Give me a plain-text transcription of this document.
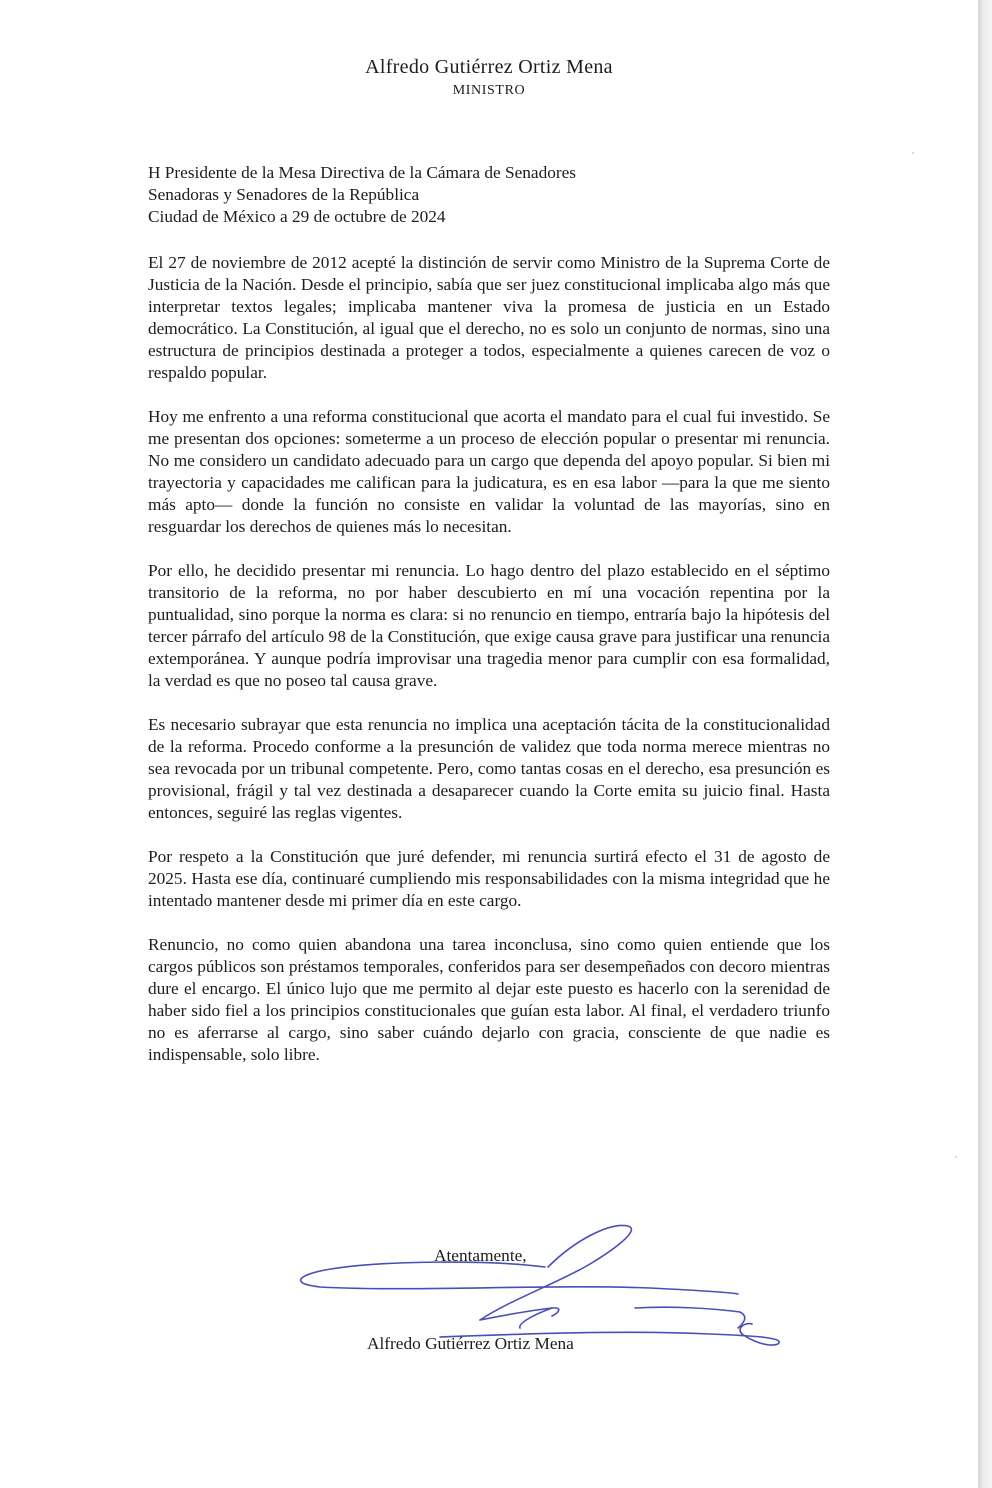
Alfredo Gutiérrez Ortiz Mena
MINISTRO
H Presidente de la Mesa Directiva de la Cámara de Senadores
Senadoras y Senadores de la República
Ciudad de México a 29 de octubre de 2024

El 27 de noviembre de 2012 acepté la distinción de servir como Ministro de la Suprema Corte de Justicia de la Nación. Desde el principio, sabía que ser juez constitucional implicaba algo más que interpretar textos legales; implicaba mantener viva la promesa de justicia en un Estado democrático. La Constitución, al igual que el derecho, no es solo un conjunto de normas, sino una estructura de principios destinada a proteger a todos, especialmente a quienes carecen de voz o respaldo popular.

Hoy me enfrento a una reforma constitucional que acorta el mandato para el cual fui investido. Se me presentan dos opciones: someterme a un proceso de elección popular o presentar mi renuncia. No me considero un candidato adecuado para un cargo que dependa del apoyo popular. Si bien mi trayectoria y capacidades me califican para la judicatura, es en esa labor —para la que me siento más apto— donde la función no consiste en validar la voluntad de las mayorías, sino en resguardar los derechos de quienes más lo necesitan.

Por ello, he decidido presentar mi renuncia. Lo hago dentro del plazo establecido en el séptimo transitorio de la reforma, no por haber descubierto en mí una vocación repentina por la puntualidad, sino porque la norma es clara: si no renuncio en tiempo, entraría bajo la hipótesis del tercer párrafo del artículo 98 de la Constitución, que exige causa grave para justificar una renuncia extemporánea. Y aunque podría improvisar una tragedia menor para cumplir con esa formalidad, la verdad es que no poseo tal causa grave.

Es necesario subrayar que esta renuncia no implica una aceptación tácita de la constitucionalidad de la reforma. Procedo conforme a la presunción de validez que toda norma merece mientras no sea revocada por un tribunal competente. Pero, como tantas cosas en el derecho, esa presunción es provisional, frágil y tal vez destinada a desaparecer cuando la Corte emita su juicio final. Hasta entonces, seguiré las reglas vigentes.

Por respeto a la Constitución que juré defender, mi renuncia surtirá efecto el 31 de agosto de 2025. Hasta ese día, continuaré cumpliendo mis responsabilidades con la misma integridad que he intentado mantener desde mi primer día en este cargo.

Renuncio, no como quien abandona una tarea inconclusa, sino como quien entiende que los cargos públicos son préstamos temporales, conferidos para ser desempeñados con decoro mientras dure el encargo. El único lujo que me permito al dejar este puesto es hacerlo con la serenidad de haber sido fiel a los principios constitucionales que guían esta labor. Al final, el verdadero triunfo no es aferrarse al cargo, sino saber cuándo dejarlo con gracia, consciente de que nadie es indispensable, solo libre.

Atentamente,
Alfredo Gutiérrez Ortiz Mena
